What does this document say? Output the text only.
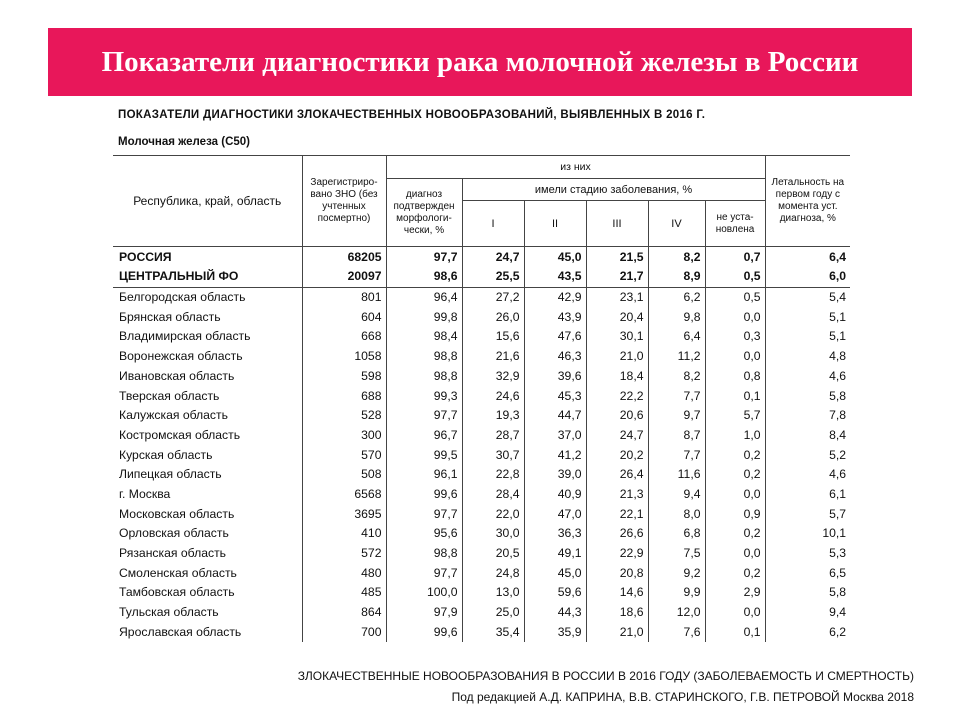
Показатели диагностики рака молочной железы в России
ПОКАЗАТЕЛИ ДИАГНОСТИКИ ЗЛОКАЧЕСТВЕННЫХ НОВООБРАЗОВАНИЙ, ВЫЯВЛЕННЫХ В 2016 Г.
Молочная железа (С50)
Республика, край, область	Зарегистриро-вано ЗНО (без учтенных посмертно)	из них						Летальность на первом году с момента уст. диагноза, %
		диагноз подтвержден морфологи-чески, %	имели стадию заболевания, %					
			I	II	III	IV	не уста-новлена	
РОССИЯ	68205	97,7	24,7	45,0	21,5	8,2	0,7	6,4
ЦЕНТРАЛЬНЫЙ ФО	20097	98,6	25,5	43,5	21,7	8,9	0,5	6,0
Белгородская область	801	96,4	27,2	42,9	23,1	6,2	0,5	5,4
Брянская область	604	99,8	26,0	43,9	20,4	9,8	0,0	5,1
Владимирская область	668	98,4	15,6	47,6	30,1	6,4	0,3	5,1
Воронежская область	1058	98,8	21,6	46,3	21,0	11,2	0,0	4,8
Ивановская область	598	98,8	32,9	39,6	18,4	8,2	0,8	4,6
Тверская область	688	99,3	24,6	45,3	22,2	7,7	0,1	5,8
Калужская область	528	97,7	19,3	44,7	20,6	9,7	5,7	7,8
Костромская область	300	96,7	28,7	37,0	24,7	8,7	1,0	8,4
Курская область	570	99,5	30,7	41,2	20,2	7,7	0,2	5,2
Липецкая область	508	96,1	22,8	39,0	26,4	11,6	0,2	4,6
г. Москва	6568	99,6	28,4	40,9	21,3	9,4	0,0	6,1
Московская область	3695	97,7	22,0	47,0	22,1	8,0	0,9	5,7
Орловская область	410	95,6	30,0	36,3	26,6	6,8	0,2	10,1
Рязанская область	572	98,8	20,5	49,1	22,9	7,5	0,0	5,3
Смоленская область	480	97,7	24,8	45,0	20,8	9,2	0,2	6,5
Тамбовская область	485	100,0	13,0	59,6	14,6	9,9	2,9	5,8
Тульская область	864	97,9	25,0	44,3	18,6	12,0	0,0	9,4
Ярославская область	700	99,6	35,4	35,9	21,0	7,6	0,1	6,2
ЗЛОКАЧЕСТВЕННЫЕ НОВООБРАЗОВАНИЯ В РОССИИ В 2016 ГОДУ (ЗАБОЛЕВАЕМОСТЬ И СМЕРТНОСТЬ)
Под редакцией А.Д. КАПРИНА, В.В. СТАРИНСКОГО, Г.В. ПЕТРОВОЙ Москва 2018
